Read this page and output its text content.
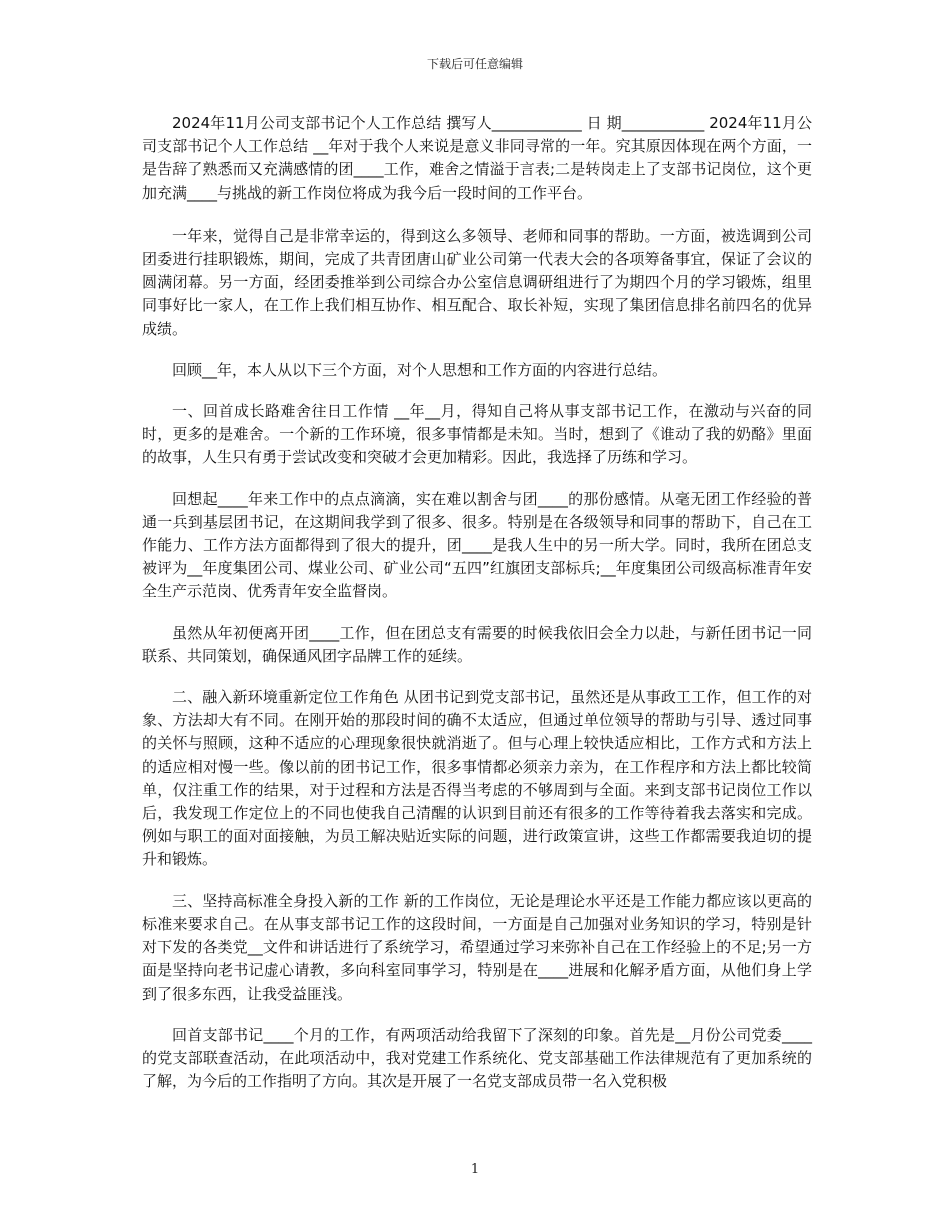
下载后可任意编辑

2024年11月公司支部书记个人工作总结 撰写人____________ 日 期___________ 2024年11月公司支部书记个人工作总结 __年对于我个人来说是意义非同寻常的一年。究其原因体现在两个方面，一是告辞了熟悉而又充满感情的团____工作，难舍之情溢于言表;二是转岗走上了支部书记岗位，这个更加充满____与挑战的新工作岗位将成为我今后一段时间的工作平台。

一年来，觉得自己是非常幸运的，得到这么多领导、老师和同事的帮助。一方面，被选调到公司团委进行挂职锻炼，期间，完成了共青团唐山矿业公司第一代表大会的各项筹备事宜，保证了会议的圆满闭幕。另一方面，经团委推举到公司综合办公室信息调研组进行了为期四个月的学习锻炼，组里同事好比一家人，在工作上我们相互协作、相互配合、取长补短，实现了集团信息排名前四名的优异成绩。

回顾__年，本人从以下三个方面，对个人思想和工作方面的内容进行总结。

一、回首成长路难舍往日工作情 __年__月，得知自己将从事支部书记工作，在激动与兴奋的同时，更多的是难舍。一个新的工作环境，很多事情都是未知。当时，想到了《谁动了我的奶酪》里面的故事，人生只有勇于尝试改变和突破才会更加精彩。因此，我选择了历练和学习。

回想起____年来工作中的点点滴滴，实在难以割舍与团____的那份感情。从毫无团工作经验的普通一兵到基层团书记，在这期间我学到了很多、很多。特别是在各级领导和同事的帮助下，自己在工作能力、工作方法方面都得到了很大的提升，团____是我人生中的另一所大学。同时，我所在团总支被评为__年度集团公司、煤业公司、矿业公司“五四”红旗团支部标兵;__年度集团公司级高标准青年安全生产示范岗、优秀青年安全监督岗。

虽然从年初便离开团____工作，但在团总支有需要的时候我依旧会全力以赴，与新任团书记一同联系、共同策划，确保通风团字品牌工作的延续。

二、融入新环境重新定位工作角色 从团书记到党支部书记，虽然还是从事政工工作，但工作的对象、方法却大有不同。在刚开始的那段时间的确不太适应，但通过单位领导的帮助与引导、透过同事的关怀与照顾，这种不适应的心理现象很快就消逝了。但与心理上较快适应相比，工作方式和方法上的适应相对慢一些。像以前的团书记工作，很多事情都必须亲力亲为，在工作程序和方法上都比较简单，仅注重工作的结果，对于过程和方法是否得当考虑的不够周到与全面。来到支部书记岗位工作以后，我发现工作定位上的不同也使我自己清醒的认识到目前还有很多的工作等待着我去落实和完成。例如与职工的面对面接触，为员工解决贴近实际的问题，进行政策宣讲，这些工作都需要我迫切的提升和锻炼。

三、坚持高标准全身投入新的工作 新的工作岗位，无论是理论水平还是工作能力都应该以更高的标准来要求自己。在从事支部书记工作的这段时间，一方面是自己加强对业务知识的学习，特别是针对下发的各类党__文件和讲话进行了系统学习，希望通过学习来弥补自己在工作经验上的不足;另一方面是坚持向老书记虚心请教，多向科室同事学习，特别是在____进展和化解矛盾方面，从他们身上学到了很多东西，让我受益匪浅。

回首支部书记____个月的工作，有两项活动给我留下了深刻的印象。首先是__月份公司党委____的党支部联查活动，在此项活动中，我对党建工作系统化、党支部基础工作法律规范有了更加系统的了解，为今后的工作指明了方向。其次是开展了一名党支部成员带一名入党积极

1
